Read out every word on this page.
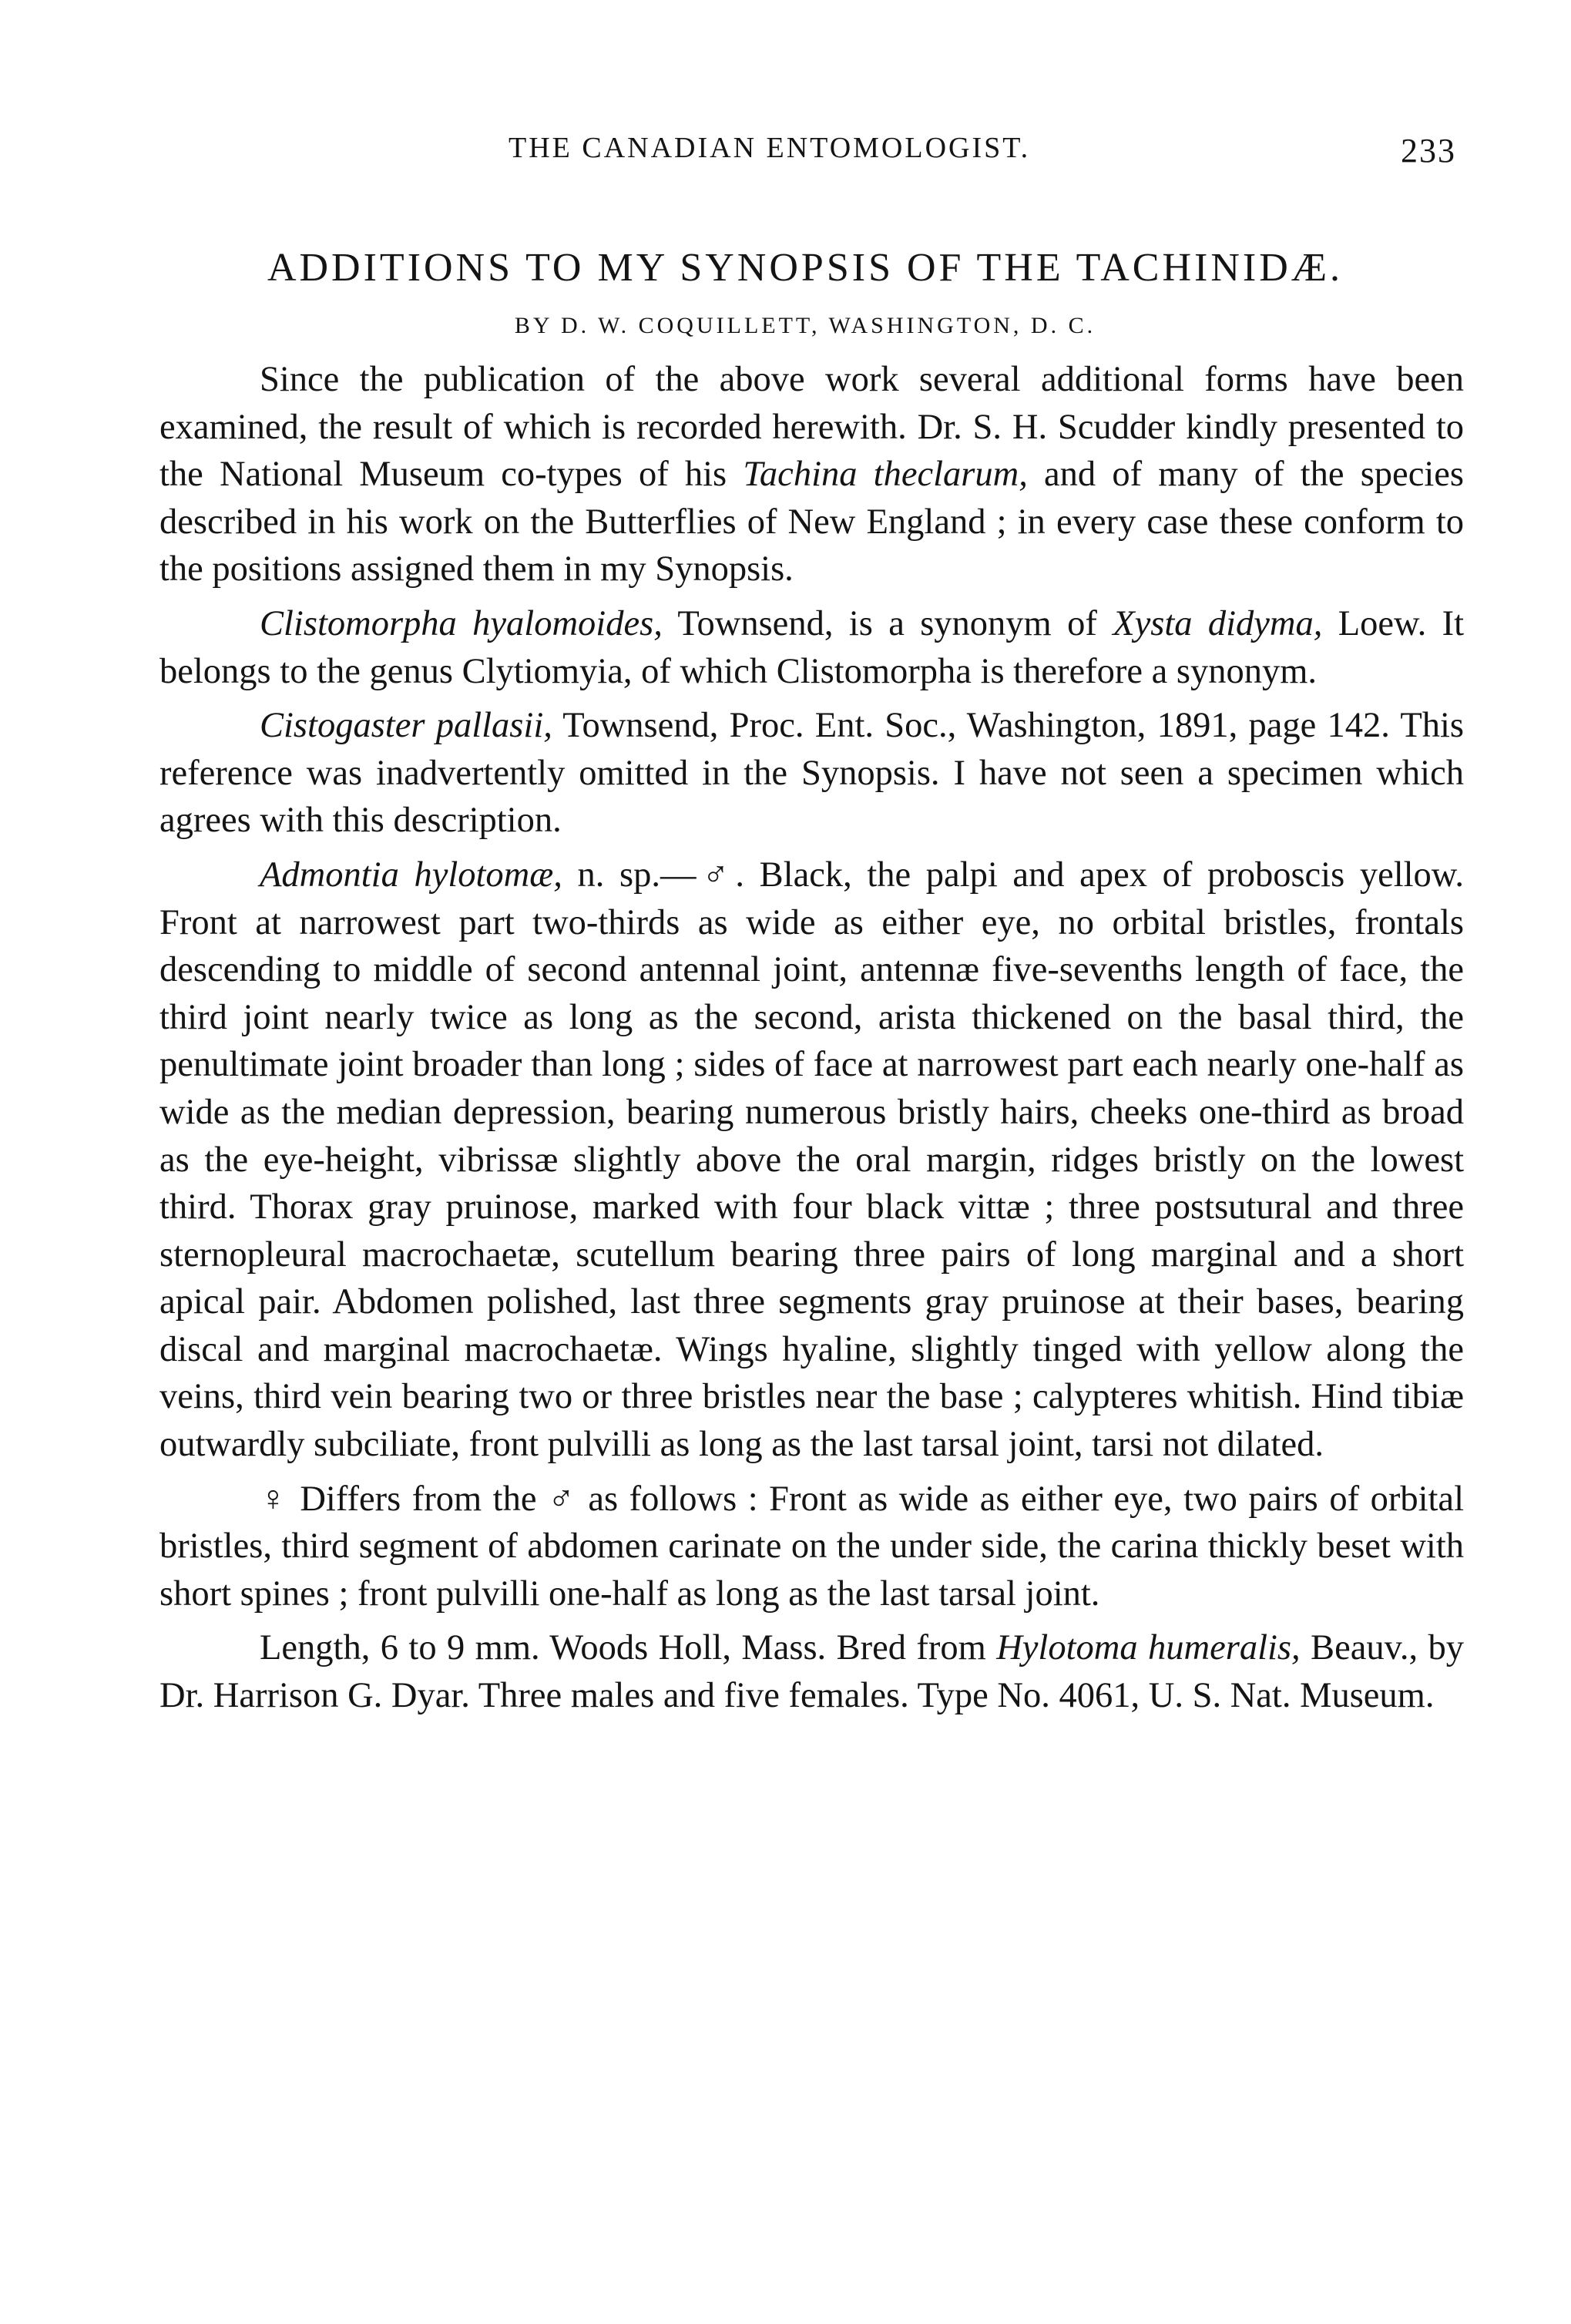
THE CANADIAN ENTOMOLOGIST.	233
ADDITIONS TO MY SYNOPSIS OF THE TACHINIDÆ.
BY D. W. COQUILLETT, WASHINGTON, D. C.

Since the publication of the above work several additional forms have been examined, the result of which is recorded herewith. Dr. S. H. Scudder kindly presented to the National Museum co-types of his Tachina theclarum, and of many of the species described in his work on the Butterflies of New England ; in every case these conform to the positions assigned them in my Synopsis.

Clistomorpha hyalomoides, Townsend, is a synonym of Xysta didyma, Loew. It belongs to the genus Clytiomyia, of which Clistomorpha is therefore a synonym.

Cistogaster pallasii, Townsend, Proc. Ent. Soc., Washington, 1891, page 142. This reference was inadvertently omitted in the Synopsis. I have not seen a specimen which agrees with this description.

Admontia hylotomæ, n. sp.—♂. Black, the palpi and apex of proboscis yellow. Front at narrowest part two-thirds as wide as either eye, no orbital bristles, frontals descending to middle of second antennal joint, antennæ five-sevenths length of face, the third joint nearly twice as long as the second, arista thickened on the basal third, the penultimate joint broader than long ; sides of face at narrowest part each nearly one-half as wide as the median depression, bearing numerous bristly hairs, cheeks one-third as broad as the eye-height, vibrissæ slightly above the oral margin, ridges bristly on the lowest third. Thorax gray pruinose, marked with four black vittæ ; three postsutural and three sternopleural macrochaetæ, scutellum bearing three pairs of long marginal and a short apical pair. Abdomen polished, last three segments gray pruinose at their bases, bearing discal and marginal macrochaetæ. Wings hyaline, slightly tinged with yellow along the veins, third vein bearing two or three bristles near the base ; calypteres whitish. Hind tibiæ outwardly subciliate, front pulvilli as long as the last tarsal joint, tarsi not dilated.

♀ Differs from the ♂ as follows : Front as wide as either eye, two pairs of orbital bristles, third segment of abdomen carinate on the under side, the carina thickly beset with short spines ; front pulvilli one-half as long as the last tarsal joint.

Length, 6 to 9 mm. Woods Holl, Mass. Bred from Hylotoma humeralis, Beauv., by Dr. Harrison G. Dyar. Three males and five females. Type No. 4061, U. S. Nat. Museum.
